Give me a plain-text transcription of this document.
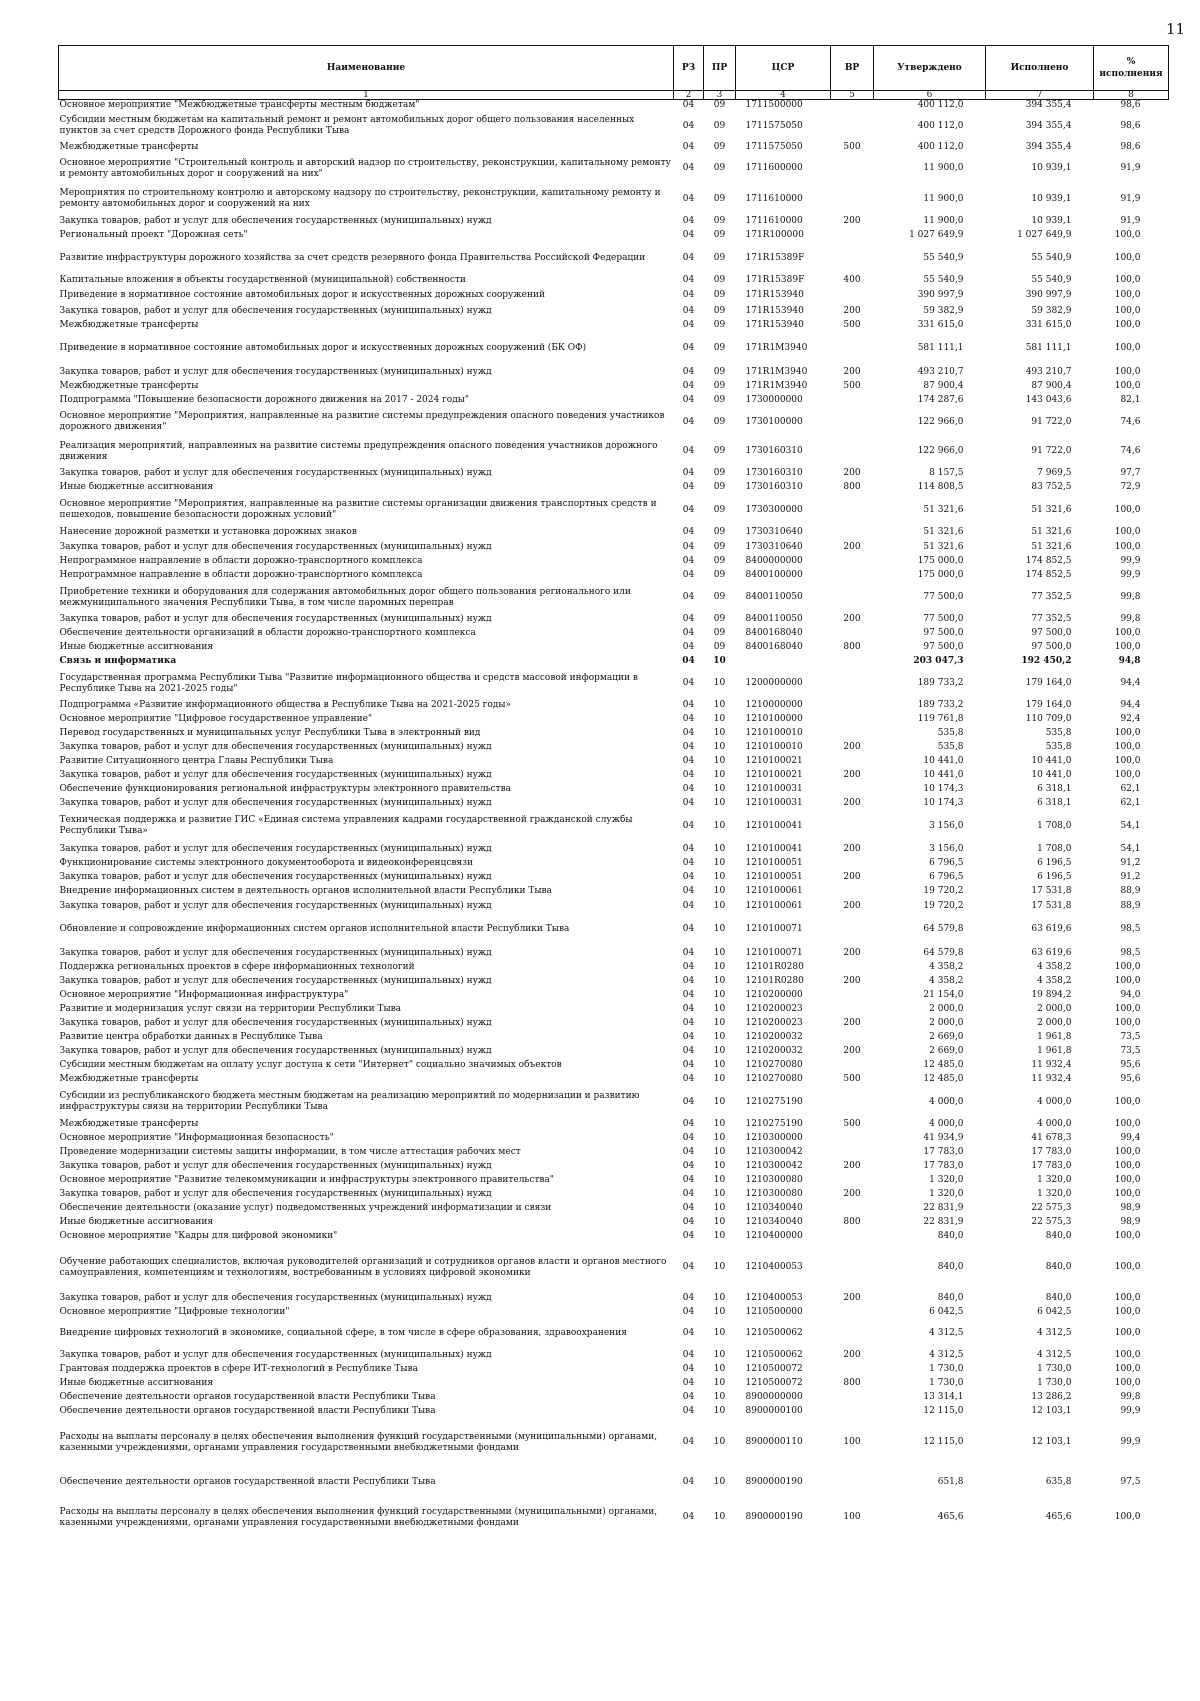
11
Наименование	РЗ	ПР	ЦСР	ВР	Утверждено	Исполнено	% исполнения
1	2	3	4	5	6	7	8
Основное мероприятие "Межбюджетные трансферты местным бюджетам"	04	09	1711500000		400 112,0	394 355,4	98,6
Субсидии местным бюджетам на капитальный ремонт и ремонт автомобильных дорог общего пользования населенных пунктов за счет средств Дорожного фонда Республики Тыва	04	09	1711575050		400 112,0	394 355,4	98,6
Межбюджетные трансферты	04	09	1711575050	500	400 112,0	394 355,4	98,6
Основное мероприятие "Строительный контроль и авторский надзор по строительству, реконструкции, капитальному ремонту и ремонту автомобильных дорог и сооружений на них"	04	09	1711600000		11 900,0	10 939,1	91,9
Мероприятия по строительному контролю и авторскому надзору по строительству, реконструкции, капитальному ремонту и ремонту автомобильных дорог и сооружений на них	04	09	1711610000		11 900,0	10 939,1	91,9
Закупка товаров, работ и услуг для обеспечения государственных (муниципальных) нужд	04	09	1711610000	200	11 900,0	10 939,1	91,9
Региональный проект "Дорожная сеть"	04	09	171R100000		1 027 649,9	1 027 649,9	100,0
Развитие инфраструктуры дорожного хозяйства за счет средств резервного фонда Правительства Российской Федерации	04	09	171R15389F		55 540,9	55 540,9	100,0
Капитальные вложения в объекты государственной (муниципальной) собственности	04	09	171R15389F	400	55 540,9	55 540,9	100,0
Приведение в нормативное состояние автомобильных дорог и искусственных дорожных сооружений	04	09	171R153940		390 997,9	390 997,9	100,0
Закупка товаров, работ и услуг для обеспечения государственных (муниципальных) нужд	04	09	171R153940	200	59 382,9	59 382,9	100,0
Межбюджетные трансферты	04	09	171R153940	500	331 615,0	331 615,0	100,0
Приведение в нормативное состояние автомобильных дорог и искусственных дорожных сооружений (БК ОФ)	04	09	171R1M3940		581 111,1	581 111,1	100,0
Закупка товаров, работ и услуг для обеспечения государственных (муниципальных) нужд	04	09	171R1M3940	200	493 210,7	493 210,7	100,0
Межбюджетные трансферты	04	09	171R1M3940	500	87 900,4	87 900,4	100,0
Подпрограмма "Повышение безопасности дорожного движения на 2017 - 2024 годы"	04	09	1730000000		174 287,6	143 043,6	82,1
Основное мероприятие "Мероприятия, направленные на развитие системы предупреждения опасного поведения участников дорожного движения"	04	09	1730100000		122 966,0	91 722,0	74,6
Реализация мероприятий, направленных на развитие системы предупреждения опасного поведения участников дорожного движения	04	09	1730160310		122 966,0	91 722,0	74,6
Закупка товаров, работ и услуг для обеспечения государственных (муниципальных) нужд	04	09	1730160310	200	8 157,5	7 969,5	97,7
Иные бюджетные ассигнования	04	09	1730160310	800	114 808,5	83 752,5	72,9
Основное мероприятие "Мероприятия, направленные на развитие системы организации движения транспортных средств и пешеходов, повышение безопасности дорожных условий"	04	09	1730300000		51 321,6	51 321,6	100,0
Нанесение дорожной разметки и установка дорожных знаков	04	09	1730310640		51 321,6	51 321,6	100,0
Закупка товаров, работ и услуг для обеспечения государственных (муниципальных) нужд	04	09	1730310640	200	51 321,6	51 321,6	100,0
Непрограммное направление в области дорожно-транспортного комплекса	04	09	8400000000		175 000,0	174 852,5	99,9
Непрограммное направление в области дорожно-транспортного комплекса	04	09	8400100000		175 000,0	174 852,5	99,9
Приобретение техники и оборудования для содержания автомобильных дорог общего пользования регионального или межмуниципального значения Республики Тыва, в том числе паромных переправ	04	09	8400110050		77 500,0	77 352,5	99,8
Закупка товаров, работ и услуг для обеспечения государственных (муниципальных) нужд	04	09	8400110050	200	77 500,0	77 352,5	99,8
Обеспечение деятельности организаций в области дорожно-транспортного комплекса	04	09	8400168040		97 500,0	97 500,0	100,0
Иные бюджетные ассигнования	04	09	8400168040	800	97 500,0	97 500,0	100,0
Связь и информатика	04	10			203 047,3	192 450,2	94,8
Государственная программа Республики Тыва "Развитие информационного общества и средств массовой информации в Республике Тыва на 2021-2025 годы"	04	10	1200000000		189 733,2	179 164,0	94,4
Подпрограмма «Развитие информационного общества в Республике Тыва на 2021-2025 годы»	04	10	1210000000		189 733,2	179 164,0	94,4
Основное мероприятие "Цифровое государственное управление"	04	10	1210100000		119 761,8	110 709,0	92,4
Перевод государственных и муниципальных услуг Республики Тыва в электронный вид	04	10	1210100010		535,8	535,8	100,0
Закупка товаров, работ и услуг для обеспечения государственных (муниципальных) нужд	04	10	1210100010	200	535,8	535,8	100,0
Развитие Ситуационного центра Главы Республики Тыва	04	10	1210100021		10 441,0	10 441,0	100,0
Закупка товаров, работ и услуг для обеспечения государственных (муниципальных) нужд	04	10	1210100021	200	10 441,0	10 441,0	100,0
Обеспечение функционирования региональной инфраструктуры электронного правительства	04	10	1210100031		10 174,3	6 318,1	62,1
Закупка товаров, работ и услуг для обеспечения государственных (муниципальных) нужд	04	10	1210100031	200	10 174,3	6 318,1	62,1
Техническая поддержка и развитие ГИС «Единая система управления кадрами государственной гражданской службы Республики Тыва»	04	10	1210100041		3 156,0	1 708,0	54,1
Закупка товаров, работ и услуг для обеспечения государственных (муниципальных) нужд	04	10	1210100041	200	3 156,0	1 708,0	54,1
Функционирование системы электронного документооборота и видеоконференцсвязи	04	10	1210100051		6 796,5	6 196,5	91,2
Закупка товаров, работ и услуг для обеспечения государственных (муниципальных) нужд	04	10	1210100051	200	6 796,5	6 196,5	91,2
Внедрение информационных систем в деятельность органов исполнительной власти Республики Тыва	04	10	1210100061		19 720,2	17 531,8	88,9
Закупка товаров, работ и услуг для обеспечения государственных (муниципальных) нужд	04	10	1210100061	200	19 720,2	17 531,8	88,9
Обновление и сопровождение информационных систем органов исполнительной власти Республики Тыва	04	10	1210100071		64 579,8	63 619,6	98,5
Закупка товаров, работ и услуг для обеспечения государственных (муниципальных) нужд	04	10	1210100071	200	64 579,8	63 619,6	98,5
Поддержка региональных проектов в сфере информационных технологий	04	10	12101R0280		4 358,2	4 358,2	100,0
Закупка товаров, работ и услуг для обеспечения государственных (муниципальных) нужд	04	10	12101R0280	200	4 358,2	4 358,2	100,0
Основное мероприятие "Информационная инфраструктура"	04	10	1210200000		21 154,0	19 894,2	94,0
Развитие и модернизация услуг связи на территории Республики Тыва	04	10	1210200023		2 000,0	2 000,0	100,0
Закупка товаров, работ и услуг для обеспечения государственных (муниципальных) нужд	04	10	1210200023	200	2 000,0	2 000,0	100,0
Развитие центра обработки данных в Республике Тыва	04	10	1210200032		2 669,0	1 961,8	73,5
Закупка товаров, работ и услуг для обеспечения государственных (муниципальных) нужд	04	10	1210200032	200	2 669,0	1 961,8	73,5
Субсидии местным бюджетам на оплату услуг доступа к сети "Интернет" социально значимых объектов	04	10	1210270080		12 485,0	11 932,4	95,6
Межбюджетные трансферты	04	10	1210270080	500	12 485,0	11 932,4	95,6
Субсидии из республиканского бюджета местным бюджетам на реализацию мероприятий по модернизации и развитию инфраструктуры связи на территории Республики Тыва	04	10	1210275190		4 000,0	4 000,0	100,0
Межбюджетные трансферты	04	10	1210275190	500	4 000,0	4 000,0	100,0
Основное мероприятие "Информационная безопасность"	04	10	1210300000		41 934,9	41 678,3	99,4
Проведение модернизации системы защиты информации, в том числе аттестация рабочих мест	04	10	1210300042		17 783,0	17 783,0	100,0
Закупка товаров, работ и услуг для обеспечения государственных (муниципальных) нужд	04	10	1210300042	200	17 783,0	17 783,0	100,0
Основное мероприятие "Развитие телекоммуникации и инфраструктуры электронного правительства"	04	10	1210300080		1 320,0	1 320,0	100,0
Закупка товаров, работ и услуг для обеспечения государственных (муниципальных) нужд	04	10	1210300080	200	1 320,0	1 320,0	100,0
Обеспечение деятельности (оказание услуг) подведомственных учреждений информатизации и связи	04	10	1210340040		22 831,9	22 575,3	98,9
Иные бюджетные ассигнования	04	10	1210340040	800	22 831,9	22 575,3	98,9
Основное мероприятие "Кадры для цифровой экономики"	04	10	1210400000		840,0	840,0	100,0
Обучение работающих специалистов, включая руководителей организаций и сотрудников органов власти и органов местного самоуправления, компетенциям и технологиям, востребованным в условиях цифровой экономики	04	10	1210400053		840,0	840,0	100,0
Закупка товаров, работ и услуг для обеспечения государственных (муниципальных) нужд	04	10	1210400053	200	840,0	840,0	100,0
Основное мероприятие "Цифровые технологии"	04	10	1210500000		6 042,5	6 042,5	100,0
Внедрение цифровых технологий в экономике, социальной сфере, в том числе в сфере образования, здравоохранения	04	10	1210500062		4 312,5	4 312,5	100,0
Закупка товаров, работ и услуг для обеспечения государственных (муниципальных) нужд	04	10	1210500062	200	4 312,5	4 312,5	100,0
Грантовая поддержка проектов в сфере ИТ-технологий в Республике Тыва	04	10	1210500072		1 730,0	1 730,0	100,0
Иные бюджетные ассигнования	04	10	1210500072	800	1 730,0	1 730,0	100,0
Обеспечение деятельности органов государственной власти Республики Тыва	04	10	8900000000		13 314,1	13 286,2	99,8
Обеспечение деятельности органов государственной власти Республики Тыва	04	10	8900000100		12 115,0	12 103,1	99,9
Расходы на выплаты персоналу в целях обеспечения выполнения функций государственными (муниципальными) органами, казенными учреждениями, органами управления государственными внебюджетными фондами	04	10	8900000110	100	12 115,0	12 103,1	99,9
Обеспечение деятельности органов государственной власти Республики Тыва	04	10	8900000190		651,8	635,8	97,5
Расходы на выплаты персоналу в целях обеспечения выполнения функций государственными (муниципальными) органами, казенными учреждениями, органами управления государственными внебюджетными фондами	04	10	8900000190	100	465,6	465,6	100,0
